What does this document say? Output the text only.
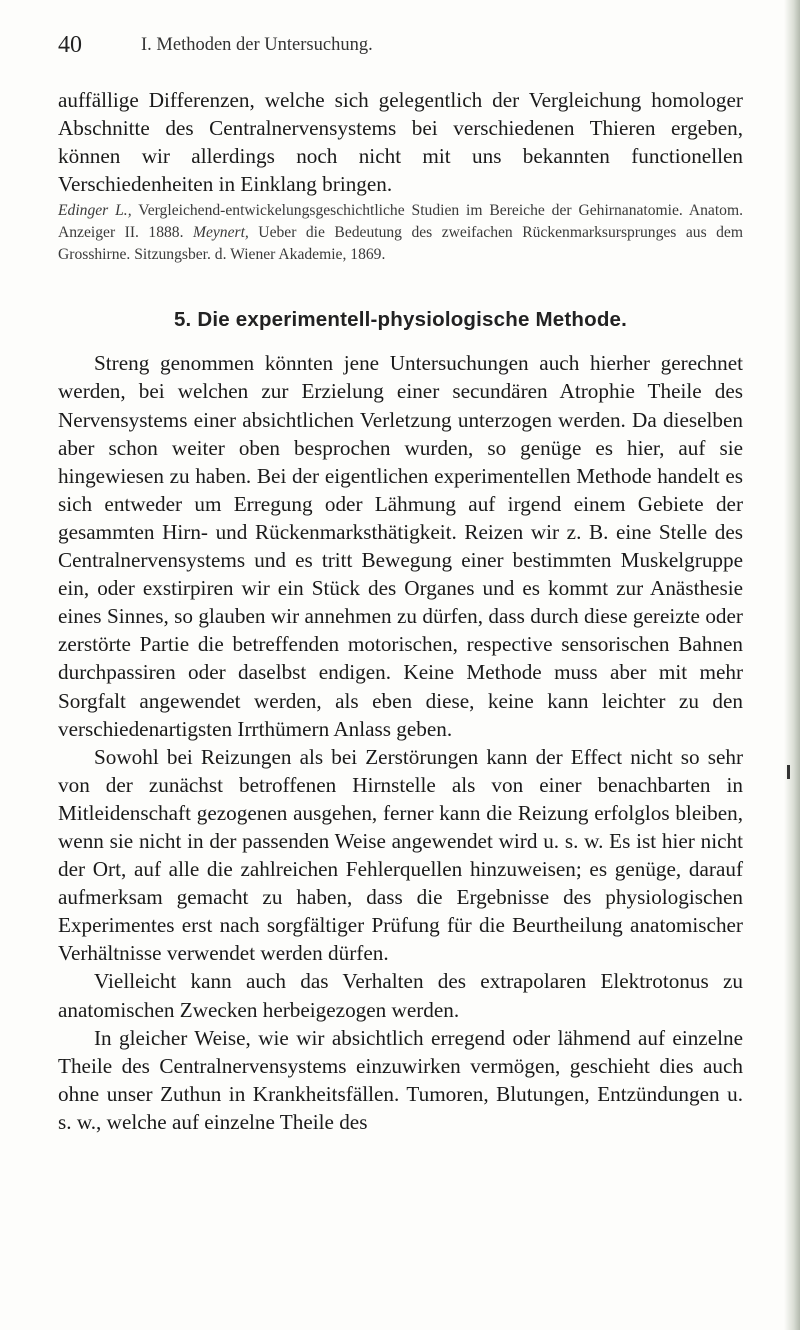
40	I. Methoden der Untersuchung.

auffällige Differenzen, welche sich gelegentlich der Vergleichung homologer Abschnitte des Centralnervensystems bei verschiedenen Thieren ergeben, können wir allerdings noch nicht mit uns bekannten functionellen Verschiedenheiten in Einklang bringen.

Edinger L., Vergleichend-entwickelungsgeschichtliche Studien im Bereiche der Gehirnanatomie. Anatom. Anzeiger II. 1888. Meynert, Ueber die Bedeutung des zweifachen Rückenmarksursprunges aus dem Grosshirne. Sitzungsber. d. Wiener Akademie, 1869.

5. Die experimentell-physiologische Methode.

Streng genommen könnten jene Untersuchungen auch hierher gerechnet werden, bei welchen zur Erzielung einer secundären Atrophie Theile des Nervensystems einer absichtlichen Verletzung unterzogen werden. Da dieselben aber schon weiter oben besprochen wurden, so genüge es hier, auf sie hingewiesen zu haben. Bei der eigentlichen experimentellen Methode handelt es sich entweder um Erregung oder Lähmung auf irgend einem Gebiete der gesammten Hirn- und Rückenmarksthätigkeit. Reizen wir z. B. eine Stelle des Centralnervensystems und es tritt Bewegung einer bestimmten Muskelgruppe ein, oder exstirpiren wir ein Stück des Organes und es kommt zur Anästhesie eines Sinnes, so glauben wir annehmen zu dürfen, dass durch diese gereizte oder zerstörte Partie die betreffenden motorischen, respective sensorischen Bahnen durchpassiren oder daselbst endigen. Keine Methode muss aber mit mehr Sorgfalt angewendet werden, als eben diese, keine kann leichter zu den verschiedenartigsten Irrthümern Anlass geben.

Sowohl bei Reizungen als bei Zerstörungen kann der Effect nicht so sehr von der zunächst betroffenen Hirnstelle als von einer benachbarten in Mitleidenschaft gezogenen ausgehen, ferner kann die Reizung erfolglos bleiben, wenn sie nicht in der passenden Weise angewendet wird u. s. w. Es ist hier nicht der Ort, auf alle die zahlreichen Fehlerquellen hinzuweisen; es genüge, darauf aufmerksam gemacht zu haben, dass die Ergebnisse des physiologischen Experimentes erst nach sorgfältiger Prüfung für die Beurtheilung anatomischer Verhältnisse verwendet werden dürfen.

Vielleicht kann auch das Verhalten des extrapolaren Elektrotonus zu anatomischen Zwecken herbeigezogen werden.

In gleicher Weise, wie wir absichtlich erregend oder lähmend auf einzelne Theile des Centralnervensystems einzuwirken vermögen, geschieht dies auch ohne unser Zuthun in Krankheitsfällen. Tumoren, Blutungen, Entzündungen u. s. w., welche auf einzelne Theile des
